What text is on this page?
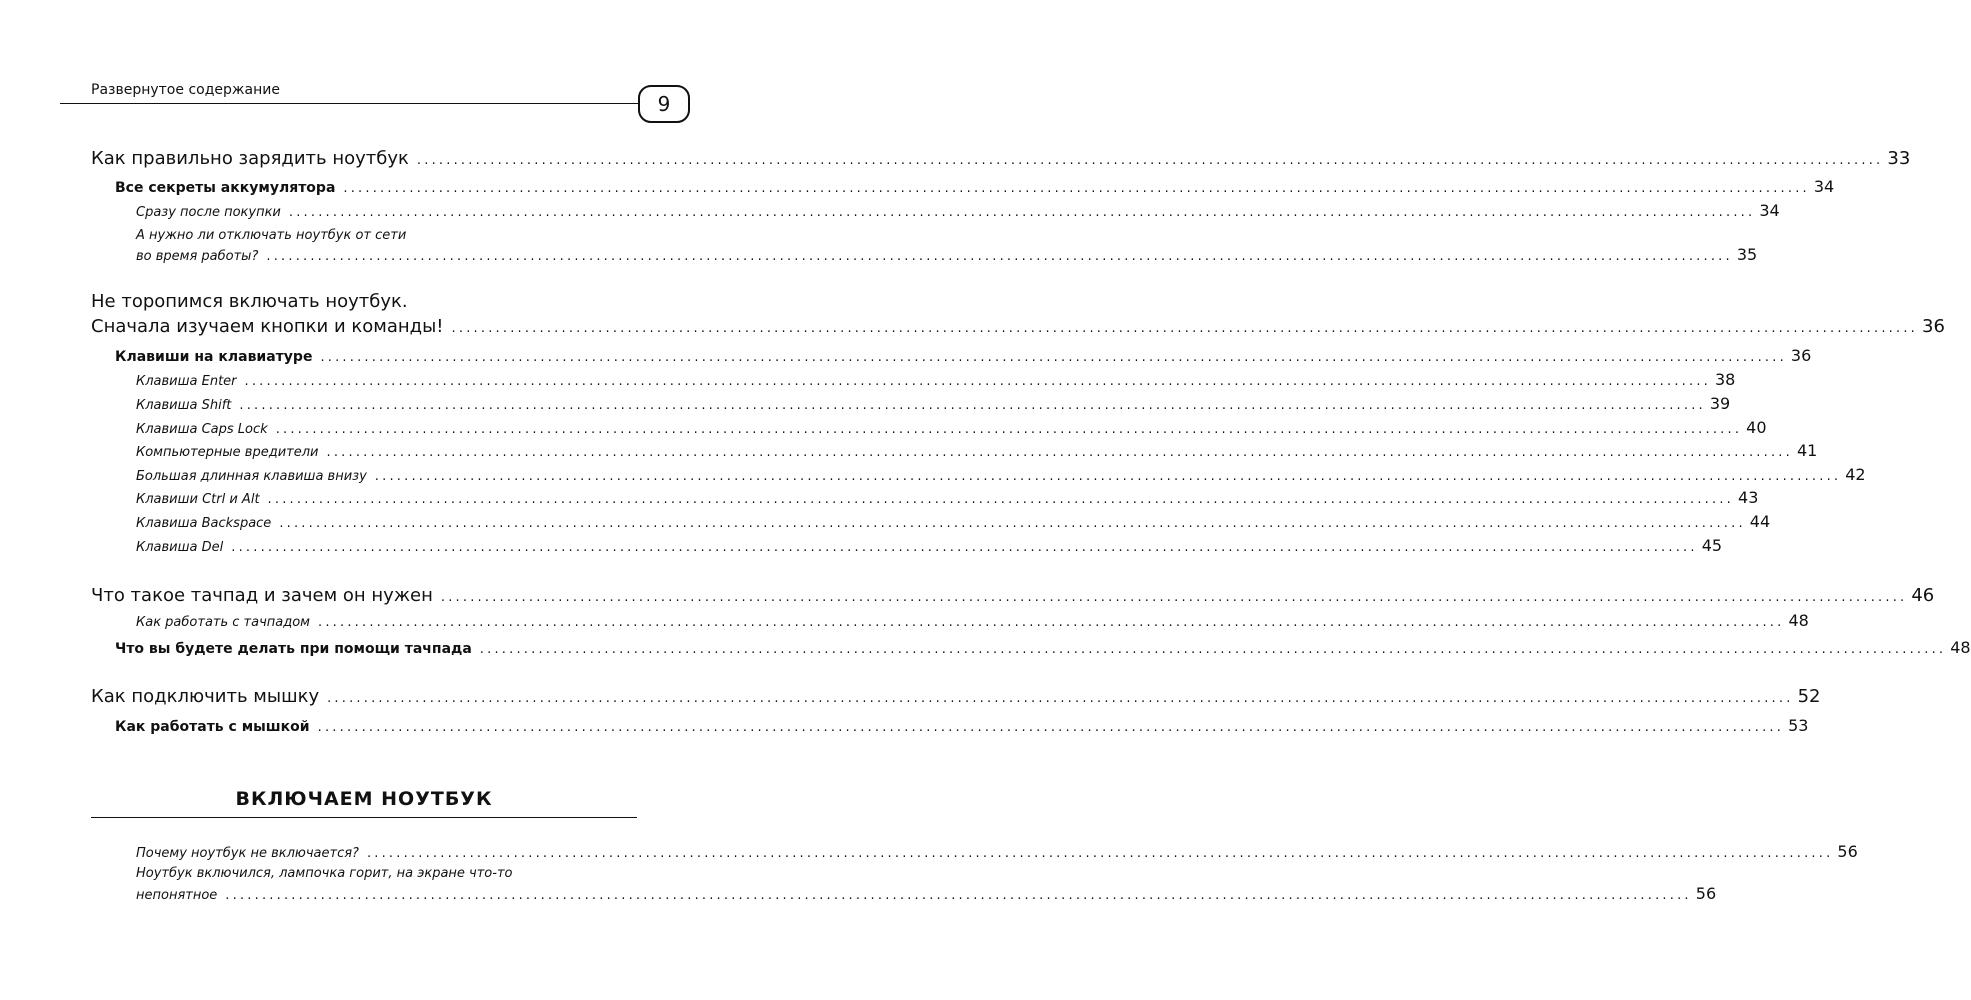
Развернутое содержание
9
Как правильно зарядить ноутбук ........................................................................................................................................................................................................ 33
Все секреты аккумулятора ........................................................................................................................................................................................................ 34
Сразу после покупки ........................................................................................................................................................................................................ 34
А нужно ли отключать ноутбук от сети
во время работы? ........................................................................................................................................................................................................ 35
Не торопимся включать ноутбук.
Сначала изучаем кнопки и команды! ........................................................................................................................................................................................................ 36
Клавиши на клавиатуре ........................................................................................................................................................................................................ 36
Клавиша Enter ........................................................................................................................................................................................................ 38
Клавиша Shift ........................................................................................................................................................................................................ 39
Клавиша Caps Lock ........................................................................................................................................................................................................ 40
Компьютерные вредители ........................................................................................................................................................................................................ 41
Большая длинная клавиша внизу ........................................................................................................................................................................................................ 42
Клавиши Ctrl и Alt ........................................................................................................................................................................................................ 43
Клавиша Backspace ........................................................................................................................................................................................................ 44
Клавиша Del ........................................................................................................................................................................................................ 45
Что такое тачпад и зачем он нужен ........................................................................................................................................................................................................ 46
Как работать с тачпадом ........................................................................................................................................................................................................ 48
Что вы будете делать при помощи тачпада ........................................................................................................................................................................................................ 48
Как подключить мышку ........................................................................................................................................................................................................ 52
Как работать с мышкой ........................................................................................................................................................................................................ 53
ВКЛЮЧАЕМ НОУТБУК
Почему ноутбук не включается? ........................................................................................................................................................................................................ 56
Ноутбук включился, лампочка горит, на экране что-то
непонятное ........................................................................................................................................................................................................ 56
